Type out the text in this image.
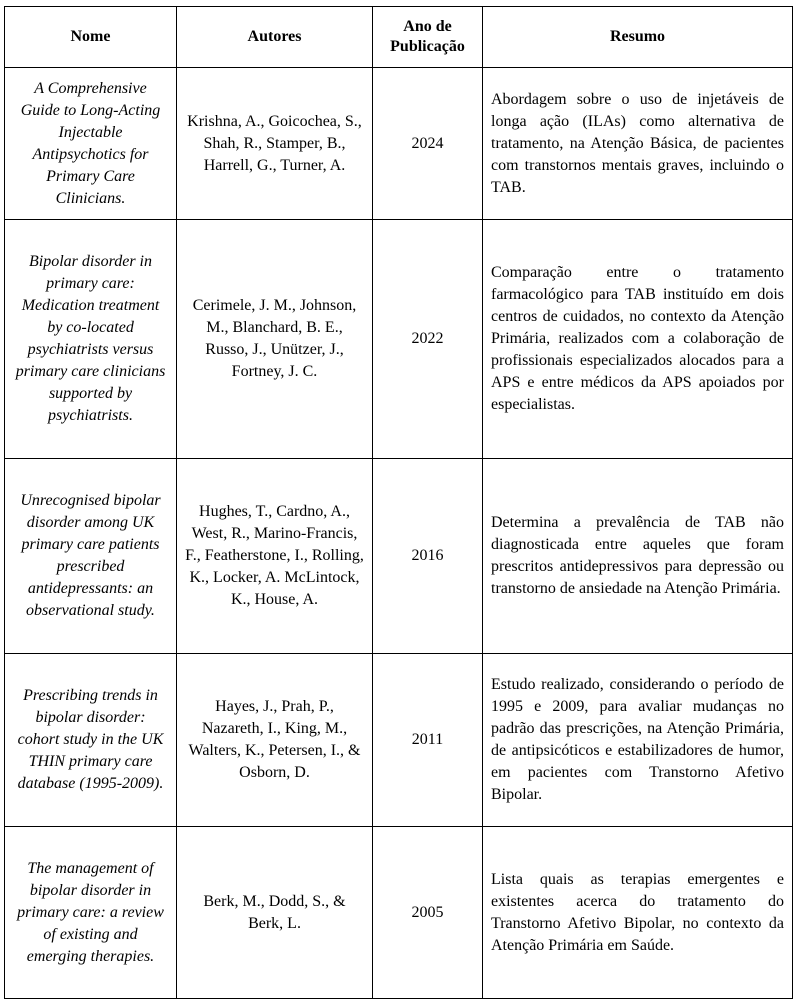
Nome	Autores	Ano de Publicação	Resumo
A Comprehensive Guide to Long-Acting Injectable Antipsychotics for Primary Care Clinicians.	Krishna, A., Goicochea, S., Shah, R., Stamper, B., Harrell, G., Turner, A.	2024	Abordagem sobre o uso de injetáveis de longa ação (ILAs) como alternativa de tratamento, na Atenção Básica, de pacientes com transtornos mentais graves, incluindo o TAB.
Bipolar disorder in primary care: Medication treatment by co-located psychiatrists versus primary care clinicians supported by psychiatrists.	Cerimele, J. M., Johnson, M., Blanchard, B. E., Russo, J., Unützer, J., Fortney, J. C.	2022	Comparação entre o tratamento farmacológico para TAB instituído em dois centros de cuidados, no contexto da Atenção Primária, realizados com a colaboração de profissionais especializados alocados para a APS e entre médicos da APS apoiados por especialistas.
Unrecognised bipolar disorder among UK primary care patients prescribed antidepressants: an observational study.	Hughes, T., Cardno, A., West, R., Marino-Francis, F., Featherstone, I., Rolling, K., Locker, A. McLintock, K., House, A.	2016	Determina a prevalência de TAB não diagnosticada entre aqueles que foram prescritos antidepressivos para depressão ou transtorno de ansiedade na Atenção Primária.
Prescribing trends in bipolar disorder: cohort study in the UK THIN primary care database (1995-2009).	Hayes, J., Prah, P., Nazareth, I., King, M., Walters, K., Petersen, I., & Osborn, D.	2011	Estudo realizado, considerando o período de 1995 e 2009, para avaliar mudanças no padrão das prescrições, na Atenção Primária, de antipsicóticos e estabilizadores de humor, em pacientes com Transtorno Afetivo Bipolar.
The management of bipolar disorder in primary care: a review of existing and emerging therapies.	Berk, M., Dodd, S., & Berk, L.	2005	Lista quais as terapias emergentes e existentes acerca do tratamento do Transtorno Afetivo Bipolar, no contexto da Atenção Primária em Saúde.
